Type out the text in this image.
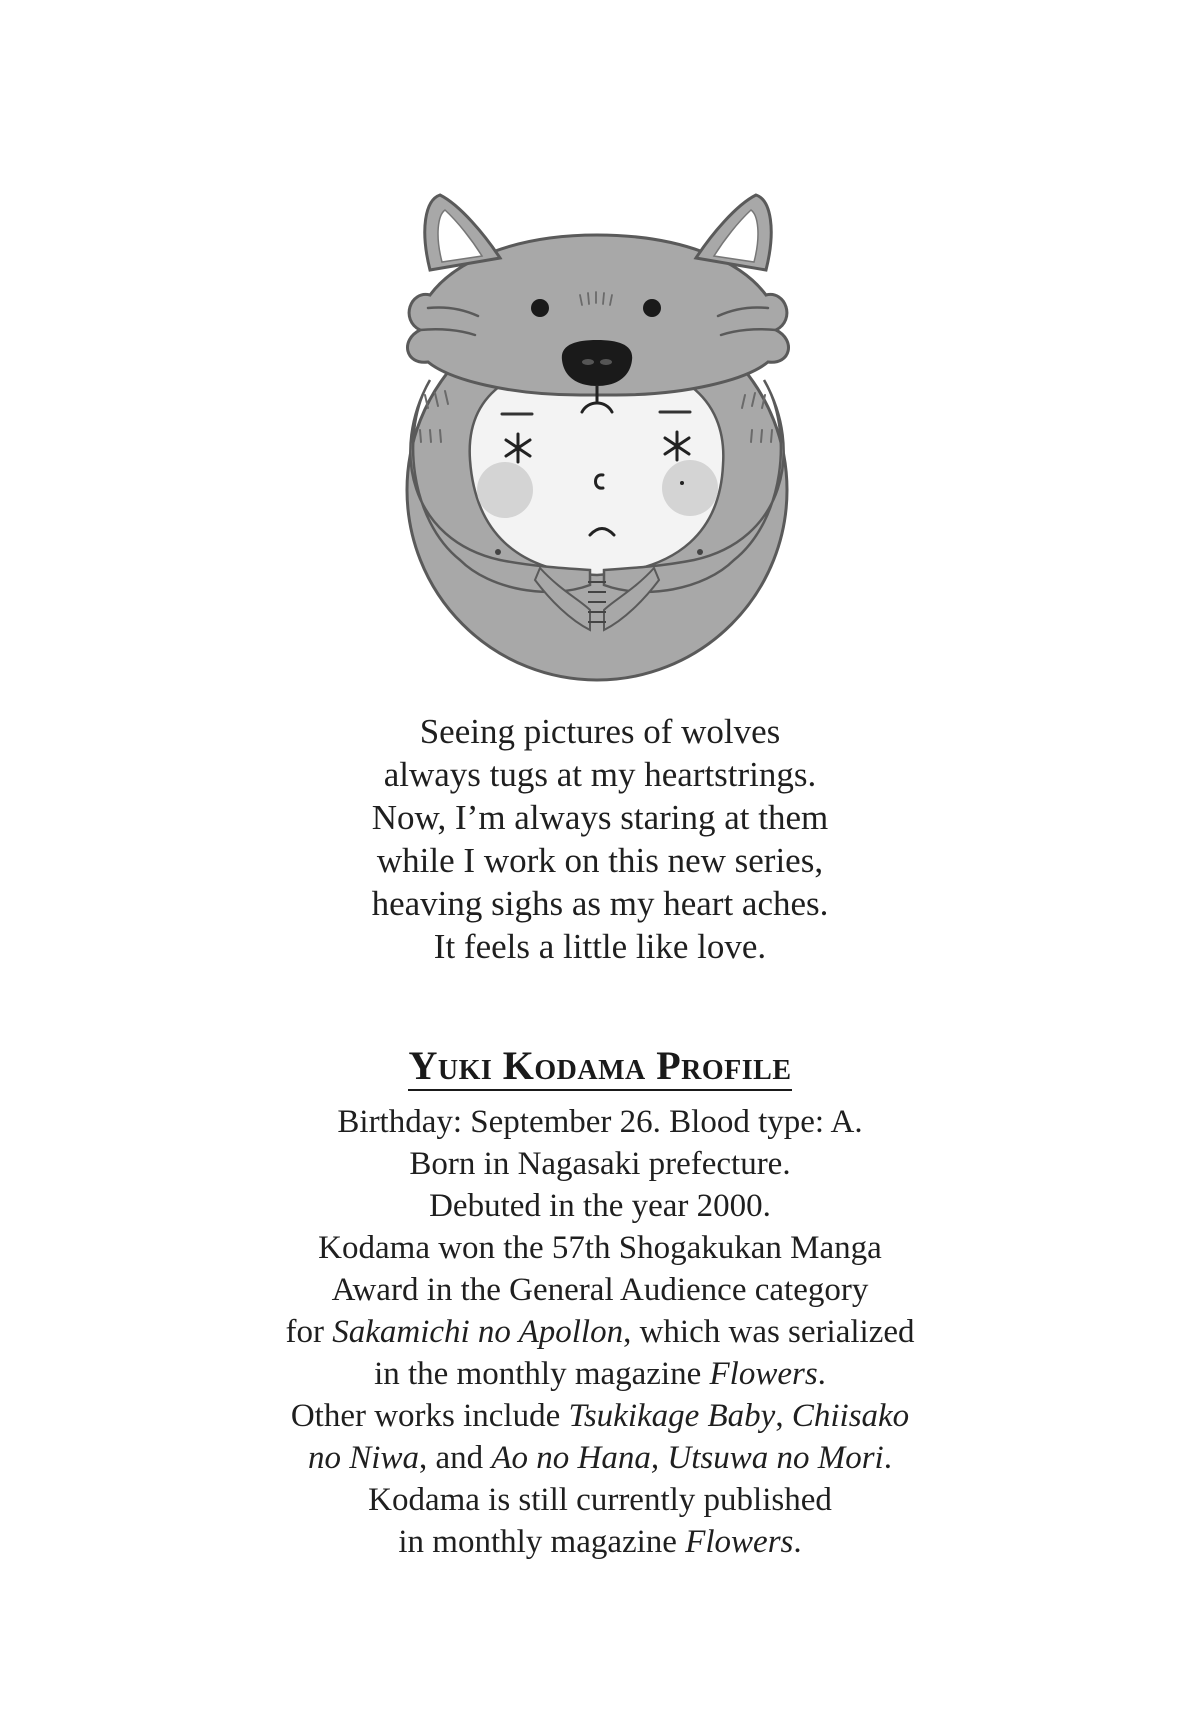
Seeing pictures of wolves
always tugs at my heartstrings.
Now, I’m always staring at them
while I work on this new series,
heaving sighs as my heart aches.
It feels a little like love.
Yuki Kodama Profile
Birthday: September 26. Blood type: A.
Born in Nagasaki prefecture.
Debuted in the year 2000.
Kodama won the 57th Shogakukan Manga
Award in the General Audience category
for Sakamichi no Apollon, which was serialized
in the monthly magazine Flowers.
Other works include Tsukikage Baby, Chiisako
no Niwa, and Ao no Hana, Utsuwa no Mori.
Kodama is still currently published
in monthly magazine Flowers.
